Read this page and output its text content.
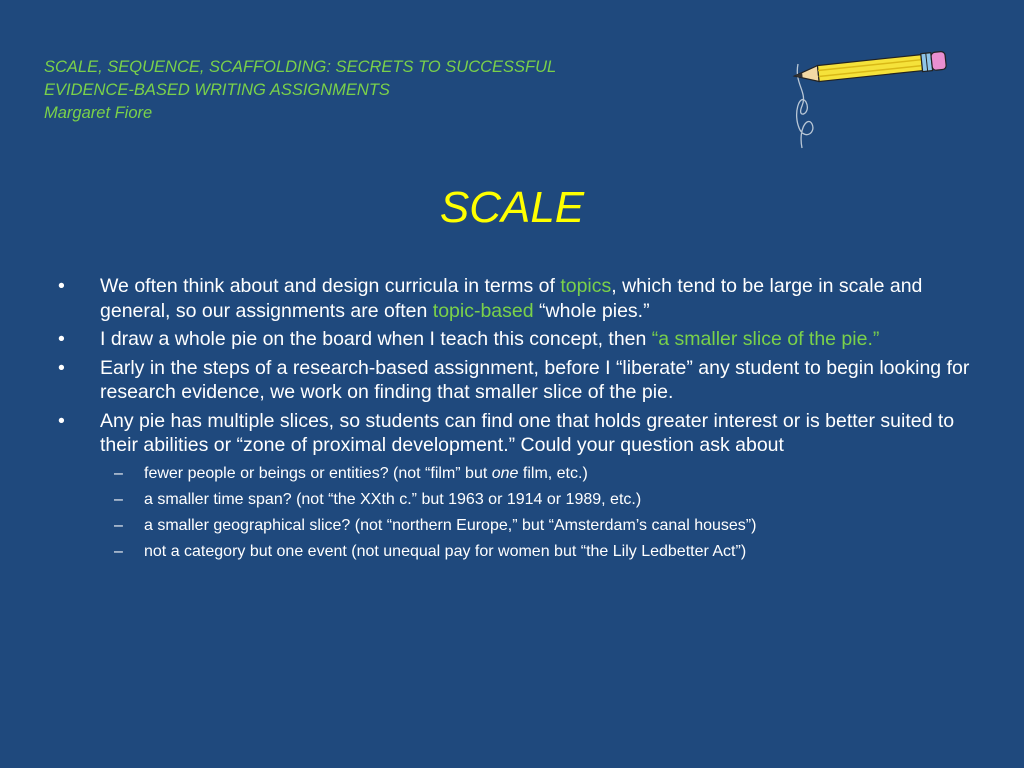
SCALE, SEQUENCE, SCAFFOLDING: SECRETS TO SUCCESSFUL
EVIDENCE-BASED WRITING ASSIGNMENTS
Margaret Fiore
SCALE
• We often think about and design curricula in terms of topics, which tend to be large in scale and general, so our assignments are often topic-based “whole pies.”
• I draw a whole pie on the board when I teach this concept, then “a smaller slice of the pie.”
• Early in the steps of a research-based assignment, before I “liberate” any student to begin looking for research evidence, we work on finding that smaller slice of the pie.
• Any pie has multiple slices, so students can find one that holds greater interest or is better suited to their abilities or “zone of proximal development.” Could your question ask about
– fewer people or beings or entities? (not “film” but one film, etc.)
– a smaller time span? (not “the XXth c.” but 1963 or 1914 or 1989, etc.)
– a smaller geographical slice? (not “northern Europe,” but “Amsterdam’s canal houses”)
– not a category but one event (not unequal pay for women but “the Lily Ledbetter Act”)
